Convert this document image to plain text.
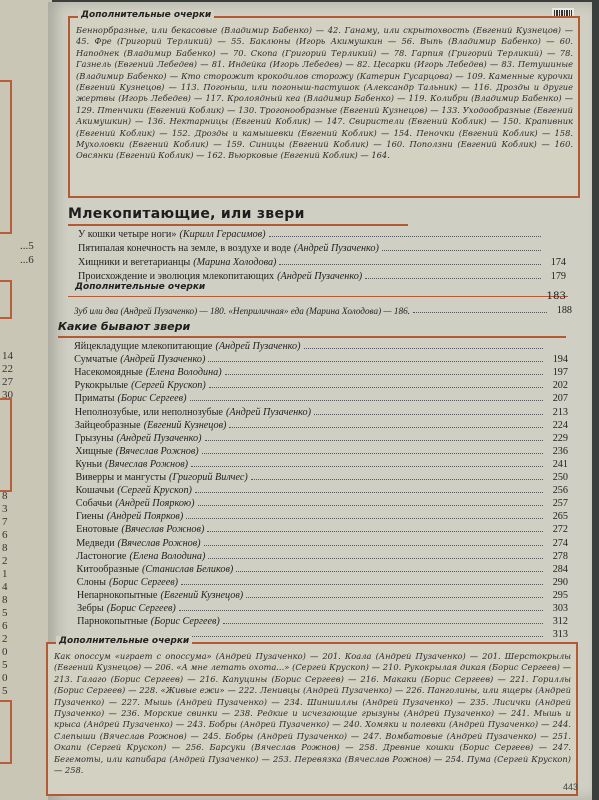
...5
...6
14
22
27
30
8
3
7
6
8
2
1
4
8
5
6
2
0
5
0
5

Беннорбразные, или бекасовые (Владимир Бабенко) — 42. Ганаму, или скрытохвость (Евгений Кузнецов) — 45. Фре (Григорий Терликий) — 55. Баклюны (Игорь Акимушкин — 56. Выпь (Владимир Бабенко) — 60. Наподнек (Владимир Бабенко) — 70. Скопа (Григорий Терликий) — 78. Гарпия (Григорий Терликий) — 78. Газнель (Евгений Лебедев) — 81. Индейка (Игорь Лебедев) — 82. Цесарки (Игорь Лебедев) — 83. Петушиные (Владимир Бабенко) — Кто сторожит крокодилов сторожу (Катерин Гусарцова) — 109. Каменные курочки (Евгений Кузнецов) — 113. Погоныш, или погоныш-пастушок (Александр Тальник) — 116. Дрозды и другие жертвы (Игорь Лебедев) — 117. Кролоядный кеа (Владимир Бабенко) — 119. Колибри (Владимир Бабенко) — 129. Птенчики (Евгений Коблик) — 130. Трогонообразные (Евгений Кузнецов) — 133. Уходообразные (Евгений Акимушкин) — 136. Нектарницы (Евгений Коблик) — 147. Свиристели (Евгений Коблик) — 150. Крапивник (Евгений Коблик) — 152. Дрозды и камышевки (Евгений Коблик) — 154. Пеночки (Евгений Коблик) — 158. Мухоловки (Евгений Коблик) — 159. Синицы (Евгений Коблик) — 160. Поползни (Евгений Коблик) — 160. Овсянки (Евгений Коблик) — 162. Вьюрковые (Евгений Коблик) — 164.

Дополнительные очерки
Млекопитающие, или звери
У кошки четыре ноги» (Кирилл Герасимов)
Пятипалая конечность на земле, в воздухе и воде (Андрей Пузаченко)
Хищники и вегетарианцы (Марина Холодова)	174
Происхождение и эволюция млекопитающих (Андрей Пузаченко)	179
Дополнительные очерки
Зуб или два (Андрей Пузаченко) — 180. «Неприличная» еда (Марина Холодова) — 186.	188
183
Какие бывают звери
Яйцекладущие млекопитающие (Андрей Пузаченко)
Сумчатые (Андрей Пузаченко)	194
Насекомоядные (Елена Володина)	197
Рукокрылые (Сергей Крускоп)	202
Приматы (Борис Сергеев)	207
Неполнозубые, или неполнозубые (Андрей Пузаченко)	213
Зайцеобразные (Евгений Кузнецов)	224
Грызуны (Андрей Пузаченко)	229
Хищные (Вячеслав Рожнов)	236
Куньи (Вячеслав Рожнов)	241
Виверры и мангусты (Григорий Вилчес)	250
Кошачьи (Сергей Крускоп)	256
Собачьи (Андрей Пояркою)	257
Гиены (Андрей Поярков)	265
Енотовые (Вячеслав Рожнов)	272
Медведи (Вячеслав Рожнов)	274
Ластоногие (Елена Володина)	278
Китообразные (Станислав Беликов)	284
Слоны (Борис Сергеев)	290
Непарнокопытные (Евгений Кузнецов)	295
Зебры (Борис Сергеев)	303
Парнокопытные (Борис Сергеев)	312
313

Как опоссум «играет с опоссума» (Андрей Пузаченко) — 201. Коала (Андрей Пузаченко) — 201. Шерстокрылы (Евгений Кузнецов) — 206. «А мне летать охота...» (Сергей Крускоп) — 210. Рукокрылая дикая (Борис Сергеев) — 213. Галаго (Борис Сергеев) — 216. Капуцины (Борис Сергеев) — 216. Макаки (Борис Сергеев) — 221. Гориллы (Борис Сергеев) — 228. «Живые ежи» — 222. Ленивцы (Андрей Пузаченко) — 226. Панголины, или ящеры (Андрей Пузаченко) — 227. Мышь (Андрей Пузаченко) — 234. Шиншиллы (Андрей Пузаченко) — 235. Лисички (Андрей Пузаченко) — 236. Морские свинки — 238. Редкие и исчезающие грызуны (Андрей Пузаченко) — 241. Мышь и крыса (Андрей Пузаченко) — 243. Бобры (Андрей Пузаченко) — 240. Хомяки и полевки (Андрей Пузаченко) — 244. Слепыши (Вячеслав Рожнов) — 245. Бобры (Андрей Пузаченко) — 247. Вомбатовые (Андрей Пузаченко) — 251. Окапи (Сергей Крускоп) — 256. Барсуки (Вячеслав Рожнов) — 258. Древние кошки (Борис Сергеев) — 247. Бегемоты, или капибара (Андрей Пузаченко) — 253. Перевязка (Вячеслав Рожнов) — 254. Пума (Сергей Крускоп) — 258.

Дополнительные очерки
443
